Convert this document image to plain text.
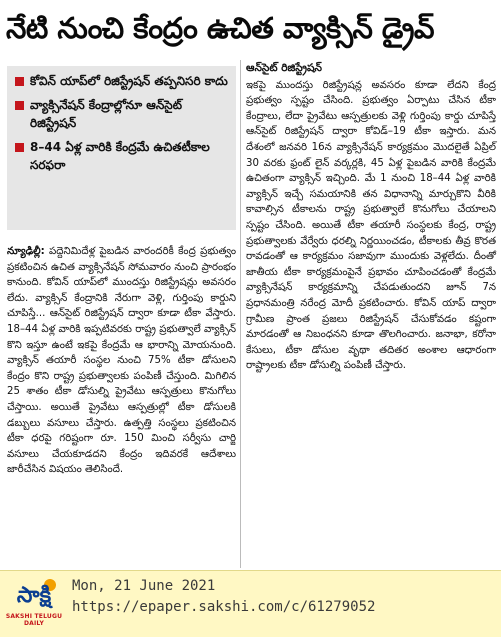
నేటి నుంచి కేంద్రం ఉచిత వ్యాక్సిన్ డ్రైవ్
కోవిన్ యాప్‌లో రిజిస్ట్రేషన్ తప్పనిసరి కాదు
వ్యాక్సినేషన్ కేంద్రాల్లోనూ ఆన్‌సైట్ రిజిస్ట్రేషన్
8–44 ఏళ్ల వారికి కేంద్రమే ఉచితటీకాల సరఫరా

న్యూఢిల్లీ: పద్దెనిమిదేళ్ల పైబడిన వారందరికీ కేంద్ర ప్రభుత్వం ప్రకటించిన ఉచిత వ్యాక్సినేషన్ సోమవారం నుంచి ప్రారంభం కానుంది. కోవిన్ యాప్‌లో ముందస్తు రిజిస్ట్రేషన్లు అవసరం లేదు. వ్యాక్సిన్ కేంద్రానికి నేరుగా వెళ్లి, గుర్తింపు కార్డుని చూపిస్తే... ఆన్‌సైట్ రిజిస్ట్రేషన్ ద్వారా కూడా టీకా వేస్తారు. 18–44 ఏళ్ల వారికి ఇప్పటివరకు రాష్ట్ర ప్రభుత్వాలే వ్యాక్సిన్ కొని ఇస్తూ ఉంటే ఇకపై కేంద్రమే ఆ భారాన్ని మోయనుంది. వ్యాక్సిన్ తయారీ సంస్థల నుంచి 75% టీకా డోసులని కేంద్రం కొని రాష్ట్ర ప్రభుత్వాలకు పంపిణీ చేస్తుంది. మిగిలిన 25 శాతం టీకా డోసుల్ని ప్రైవేటు ఆస్పత్రులు కొనుగోలు చేస్తాయి. అయితే ప్రైవేటు ఆస్పత్రుల్లో టీకా డోసులకి డబ్బులు వసూలు చేస్తారు. ఉత్పత్తి సంస్థలు ప్రకటించిన టీకా ధరపై గరిష్టంగా రూ. 150 మించి సర్వీసు చార్జి వసూలు చేయకూడదని కేంద్రం ఇదివరకే ఆదేశాలు జారీచేసిన విషయం తెలిసిందే.

ఆన్‌సైట్ రిజిస్ట్రేషన్

ఇకపై ముందస్తు రిజిస్ట్రేషన్ల అవసరం కూడా లేదని కేంద్ర ప్రభుత్వం స్పష్టం చేసింది. ప్రభుత్వం ఏర్పాటు చేసిన టీకా కేంద్రాలు, లేదా ప్రైవేటు ఆస్పత్రులకు వెళ్లి గుర్తింపు కార్డు చూపిస్తే ఆన్‌సైట్ రిజిస్ట్రేషన్ ద్వారా కోవిడ్–19 టీకా ఇస్తారు. మన దేశంలో జనవరి 16న వ్యాక్సినేషన్ కార్యక్రమం మొదలైతే ఏప్రిల్ 30 వరకు ఫ్రంట్ లైన్ వర్కర్లకి, 45 ఏళ్ల పైబడిన వారికి కేంద్రమే ఉచితంగా వ్యాక్సిన్ ఇచ్చింది. మే 1 నుంచి 18–44 ఏళ్ల వారికి వ్యాక్సిన్ ఇచ్చే సమయానికి తన విధానాన్ని మార్చుకొని వీరికి కావాల్సిన టీకాలను రాష్ట్ర ప్రభుత్వాలే కొనుగోలు చేయాలని స్పష్టం చేసింది. అయితే టీకా తయారీ సంస్థలకు కేంద్ర, రాష్ట్ర ప్రభుత్వాలకు వేర్వేరు ధరల్ని నిర్ణయించడం, టీకాలకు తీవ్ర కొరత రావడంతో ఆ కార్యక్రమం సజావుగా ముందుకు వెళ్లలేదు. దీంతో జాతీయ టీకా కార్యక్రమంపైనే ప్రభావం చూపించడంతో కేంద్రమే వ్యాక్సినేషన్ కార్యక్రమాన్ని చేపడుతుందని జూన్ 7న ప్రధానమంత్రి నరేంద్ర మోదీ ప్రకటించారు. కోవిన్ యాప్ ద్వారా గ్రామీణ ప్రాంత ప్రజలు రిజిస్ట్రేషన్ చేసుకోవడం కష్టంగా మారడంతో ఆ నిబంధనని కూడా తొలగించారు. జనాభా, కరోనా కేసులు, టీకా డోసుల వృథా తదితర అంశాల ఆధారంగా రాష్ట్రాలకు టీకా డోసుల్ని పంపిణీ చేస్తారు.

సాక్షి
SAKSHI TELUGU DAILY
Mon, 21 June 2021
https://epaper.sakshi.com/c/61279052
